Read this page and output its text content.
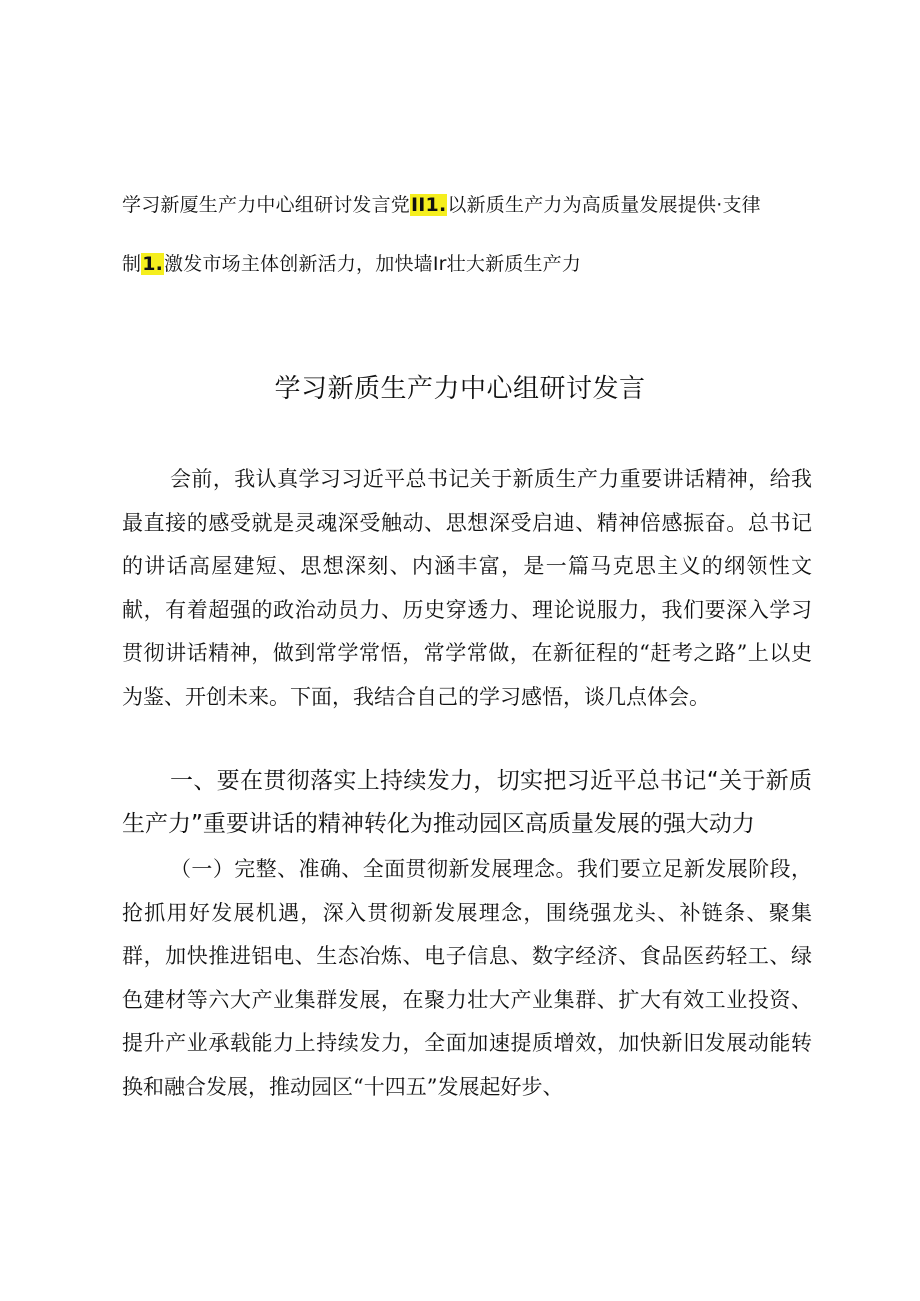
学习新厦生产力中心组研讨发言党II1.以新质生产力为高质量发展提供·支律
制1.激发市场主体创新活力，加快墙Ir壮大新质生产力
学习新质生产力中心组研讨发言
会前，我认真学习习近平总书记关于新质生产力重要讲话精神，给我最直接的感受就是灵魂深受触动、思想深受启迪、精神倍感振奋。总书记的讲话高屋建短、思想深刻、内涵丰富，是一篇马克思主义的纲领性文献，有着超强的政治动员力、历史穿透力、理论说服力，我们要深入学习贯彻讲话精神，做到常学常悟，常学常做，在新征程的“赶考之路”上以史为鉴、开创未来。下面，我结合自己的学习感悟，谈几点体会。
一、要在贯彻落实上持续发力，切实把习近平总书记“关于新质生产力”重要讲话的精神转化为推动园区高质量发展的强大动力
（一）完整、准确、全面贯彻新发展理念。我们要立足新发展阶段，抢抓用好发展机遇，深入贯彻新发展理念，围绕强龙头、补链条、聚集群，加快推进铝电、生态冶炼、电子信息、数字经济、食品医药轻工、绿色建材等六大产业集群发展，在聚力壮大产业集群、扩大有效工业投资、提升产业承载能力上持续发力，全面加速提质增效，加快新旧发展动能转换和融合发展，推动园区“十四五”发展起好步、
